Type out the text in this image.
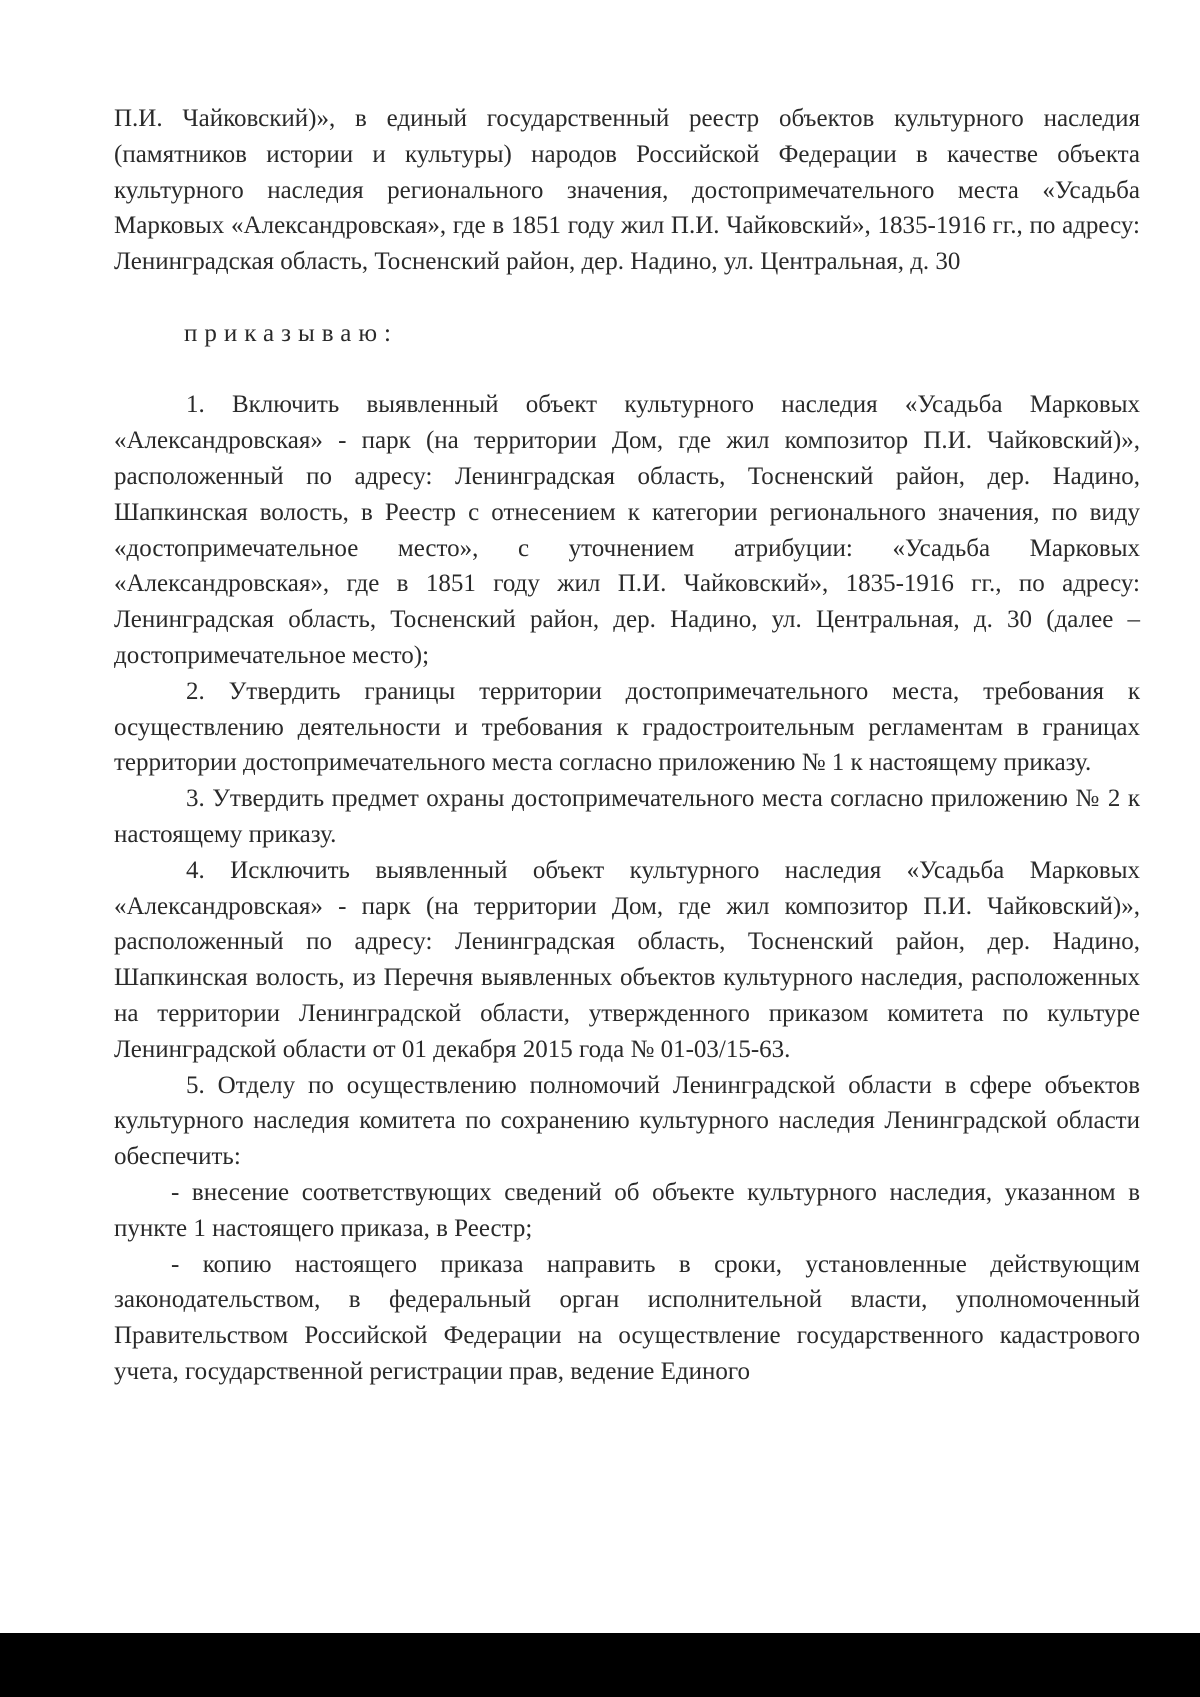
П.И. Чайковский)», в единый государственный реестр объектов культурного наследия (памятников истории и культуры) народов Российской Федерации в качестве объекта культурного наследия регионального значения, достопримечательного места «Усадьба Марковых «Александровская», где в 1851 году жил П.И. Чайковский», 1835-1916 гг., по адресу: Ленинградская область, Тосненский район, дер. Надино, ул. Центральная, д. 30

приказываю:

1. Включить выявленный объект культурного наследия «Усадьба Марковых «Александровская» - парк (на территории Дом, где жил композитор П.И. Чайковский)», расположенный по адресу: Ленинградская область, Тосненский район, дер. Надино, Шапкинская волость, в Реестр с отнесением к категории регионального значения, по виду «достопримечательное место», с уточнением атрибуции: «Усадьба Марковых «Александровская», где в 1851 году жил П.И. Чайковский», 1835-1916 гг., по адресу: Ленинградская область, Тосненский район, дер. Надино, ул. Центральная, д. 30 (далее – достопримечательное место);

2. Утвердить границы территории достопримечательного места, требования к осуществлению деятельности и требования к градостроительным регламентам в границах территории достопримечательного места согласно приложению № 1 к настоящему приказу.

3. Утвердить предмет охраны достопримечательного места согласно приложению № 2 к настоящему приказу.

4. Исключить выявленный объект культурного наследия «Усадьба Марковых «Александровская» - парк (на территории Дом, где жил композитор П.И. Чайковский)», расположенный по адресу: Ленинградская область, Тосненский район, дер. Надино, Шапкинская волость, из Перечня выявленных объектов культурного наследия, расположенных на территории Ленинградской области, утвержденного приказом комитета по культуре Ленинградской области от 01 декабря 2015 года № 01-03/15-63.

5. Отделу по осуществлению полномочий Ленинградской области в сфере объектов культурного наследия комитета по сохранению культурного наследия Ленинградской области обеспечить:

- внесение соответствующих сведений об объекте культурного наследия, указанном в пункте 1 настоящего приказа, в Реестр;

- копию настоящего приказа направить в сроки, установленные действующим законодательством, в федеральный орган исполнительной власти, уполномоченный Правительством Российской Федерации на осуществление государственного кадастрового учета, государственной регистрации прав, ведение Единого
